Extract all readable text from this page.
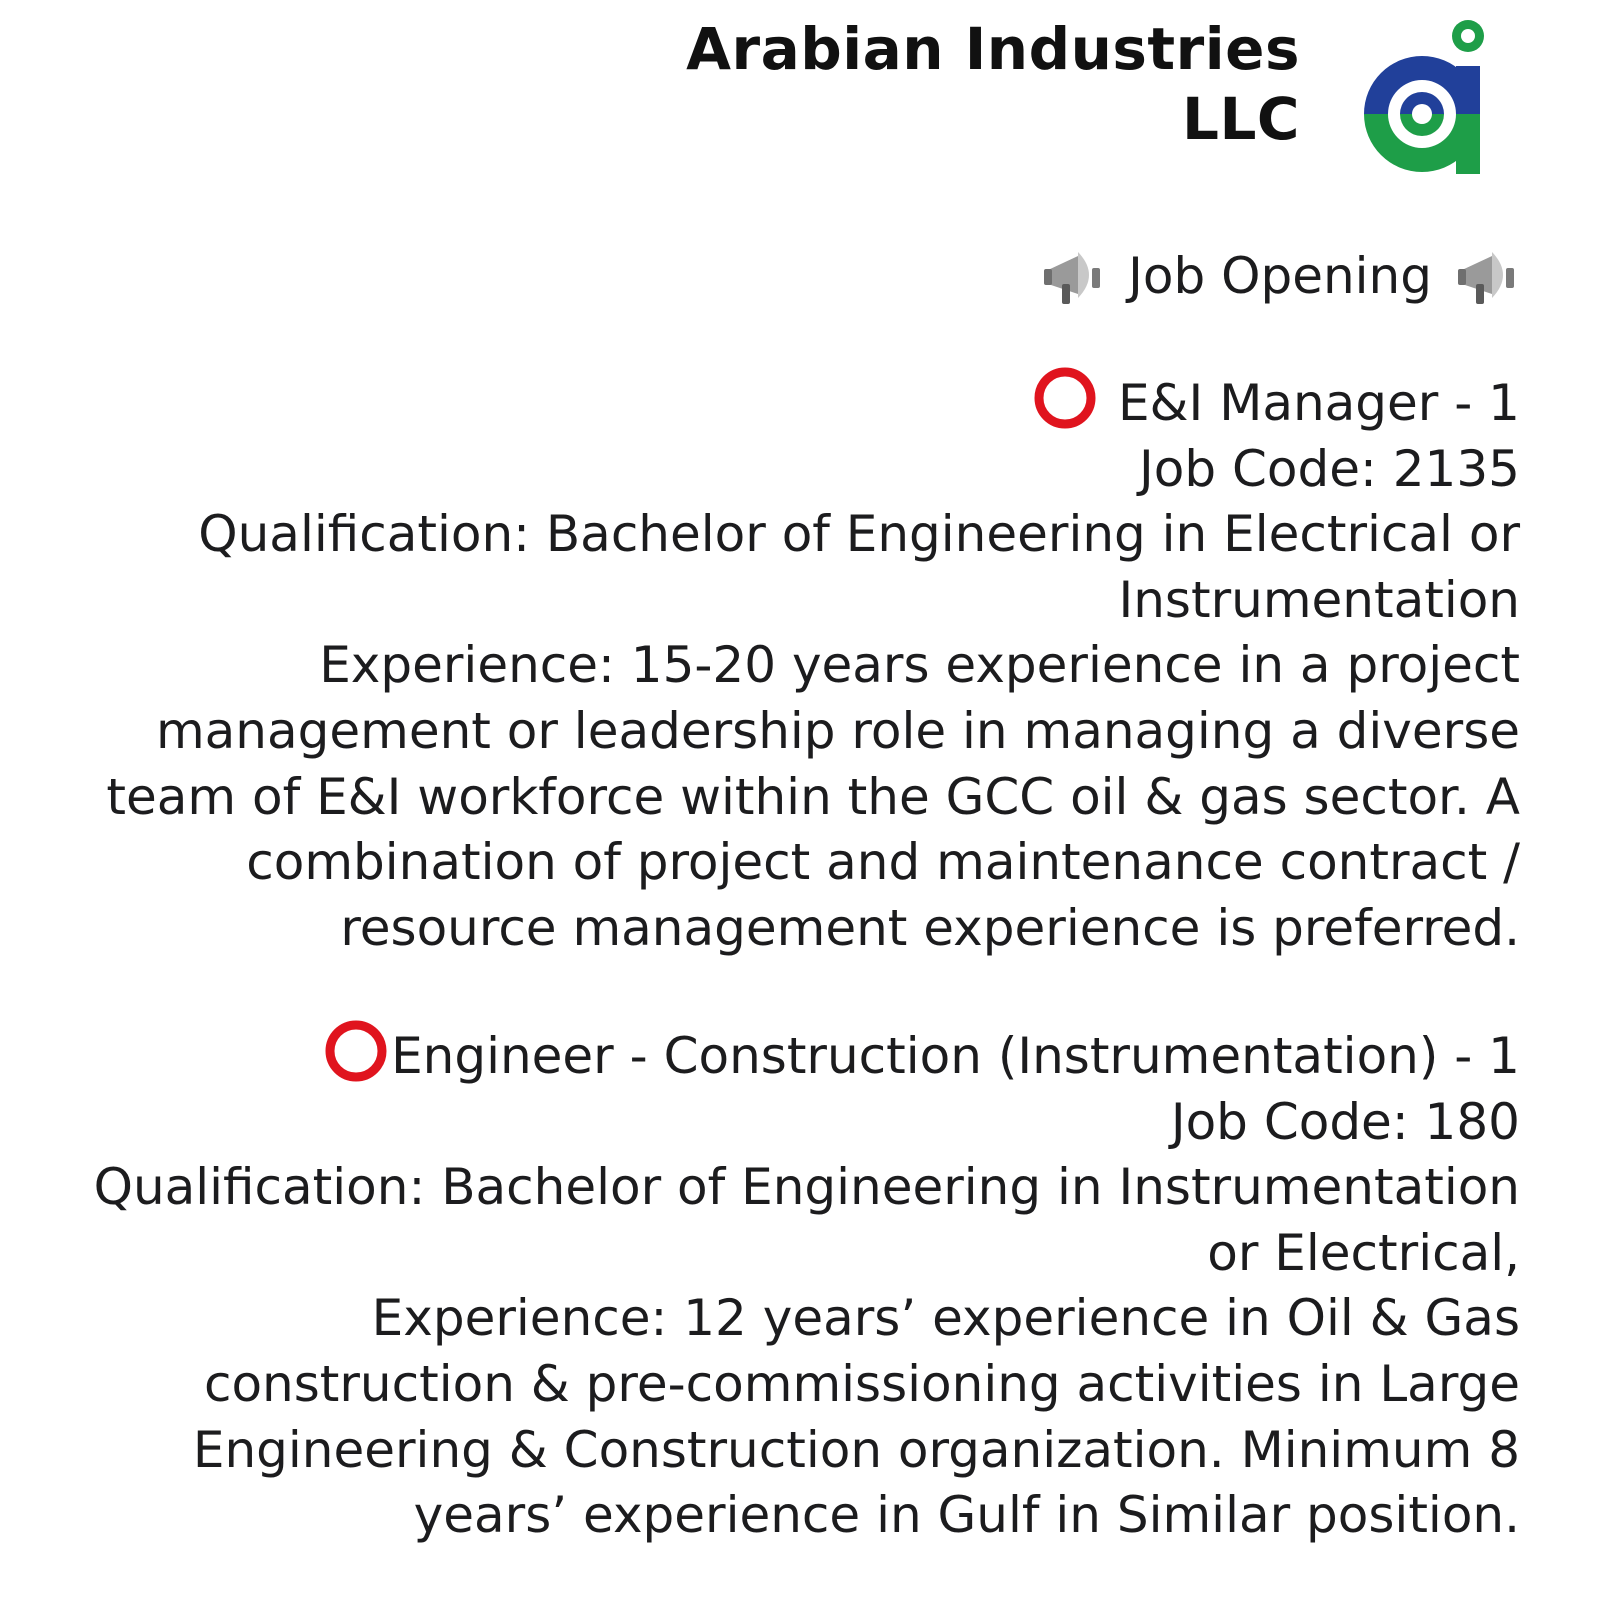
Arabian Industries LLC
Job Opening
E&I Manager - 1
Job Code: 2135
Qualification: Bachelor of Engineering in Electrical or
Instrumentation
Experience: 15-20 years experience in a project
management or leadership role in managing a diverse
team of E&I workforce within the GCC oil & gas sector. A
combination of project and maintenance contract /
resource management experience is preferred.
Engineer - Construction (Instrumentation) - 1
Job Code: 180
Qualification: Bachelor of Engineering in Instrumentation
or Electrical,
Experience: 12 years’ experience in Oil & Gas
construction & pre-commissioning activities in Large
Engineering & Construction organization. Minimum 8
years’ experience in Gulf in Similar position.
